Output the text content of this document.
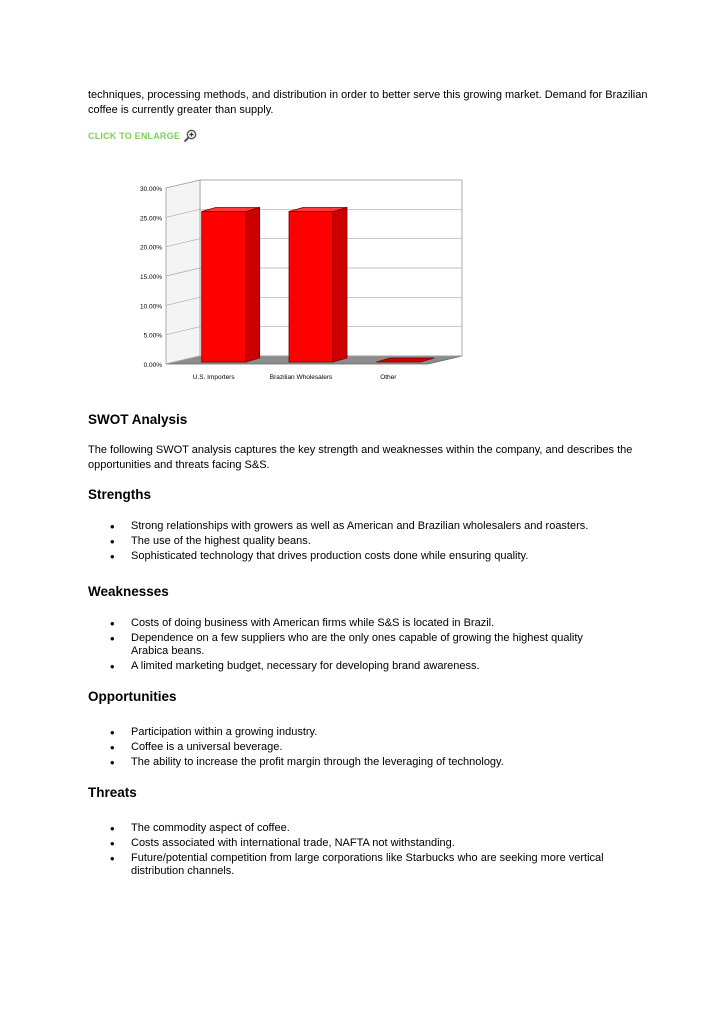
techniques, processing methods, and distribution in order to better serve this growing market. Demand for Brazilian coffee is currently greater than supply.

CLICK TO ENLARGE
0.00%
5.00%
10.00%
15.00%
20.00%
25.00%
30.00%
U.S. Importers	Brazilian Wholesalers	Other
SWOT Analysis

The following SWOT analysis captures the key strength and weaknesses within the company, and describes the opportunities and threats facing S&S.

Strengths
• Strong relationships with growers as well as American and Brazilian wholesalers and roasters.
• The use of the highest quality beans.
• Sophisticated technology that drives production costs done while ensuring quality.
Weaknesses
• Costs of doing business with American firms while S&S is located in Brazil.
• Dependence on a few suppliers who are the only ones capable of growing the highest quality Arabica beans.
• A limited marketing budget, necessary for developing brand awareness.
Opportunities
• Participation within a growing industry.
• Coffee is a universal beverage.
• The ability to increase the profit margin through the leveraging of technology.
Threats
• The commodity aspect of coffee.
• Costs associated with international trade, NAFTA not withstanding.
• Future/potential competition from large corporations like Starbucks who are seeking more vertical distribution channels.
